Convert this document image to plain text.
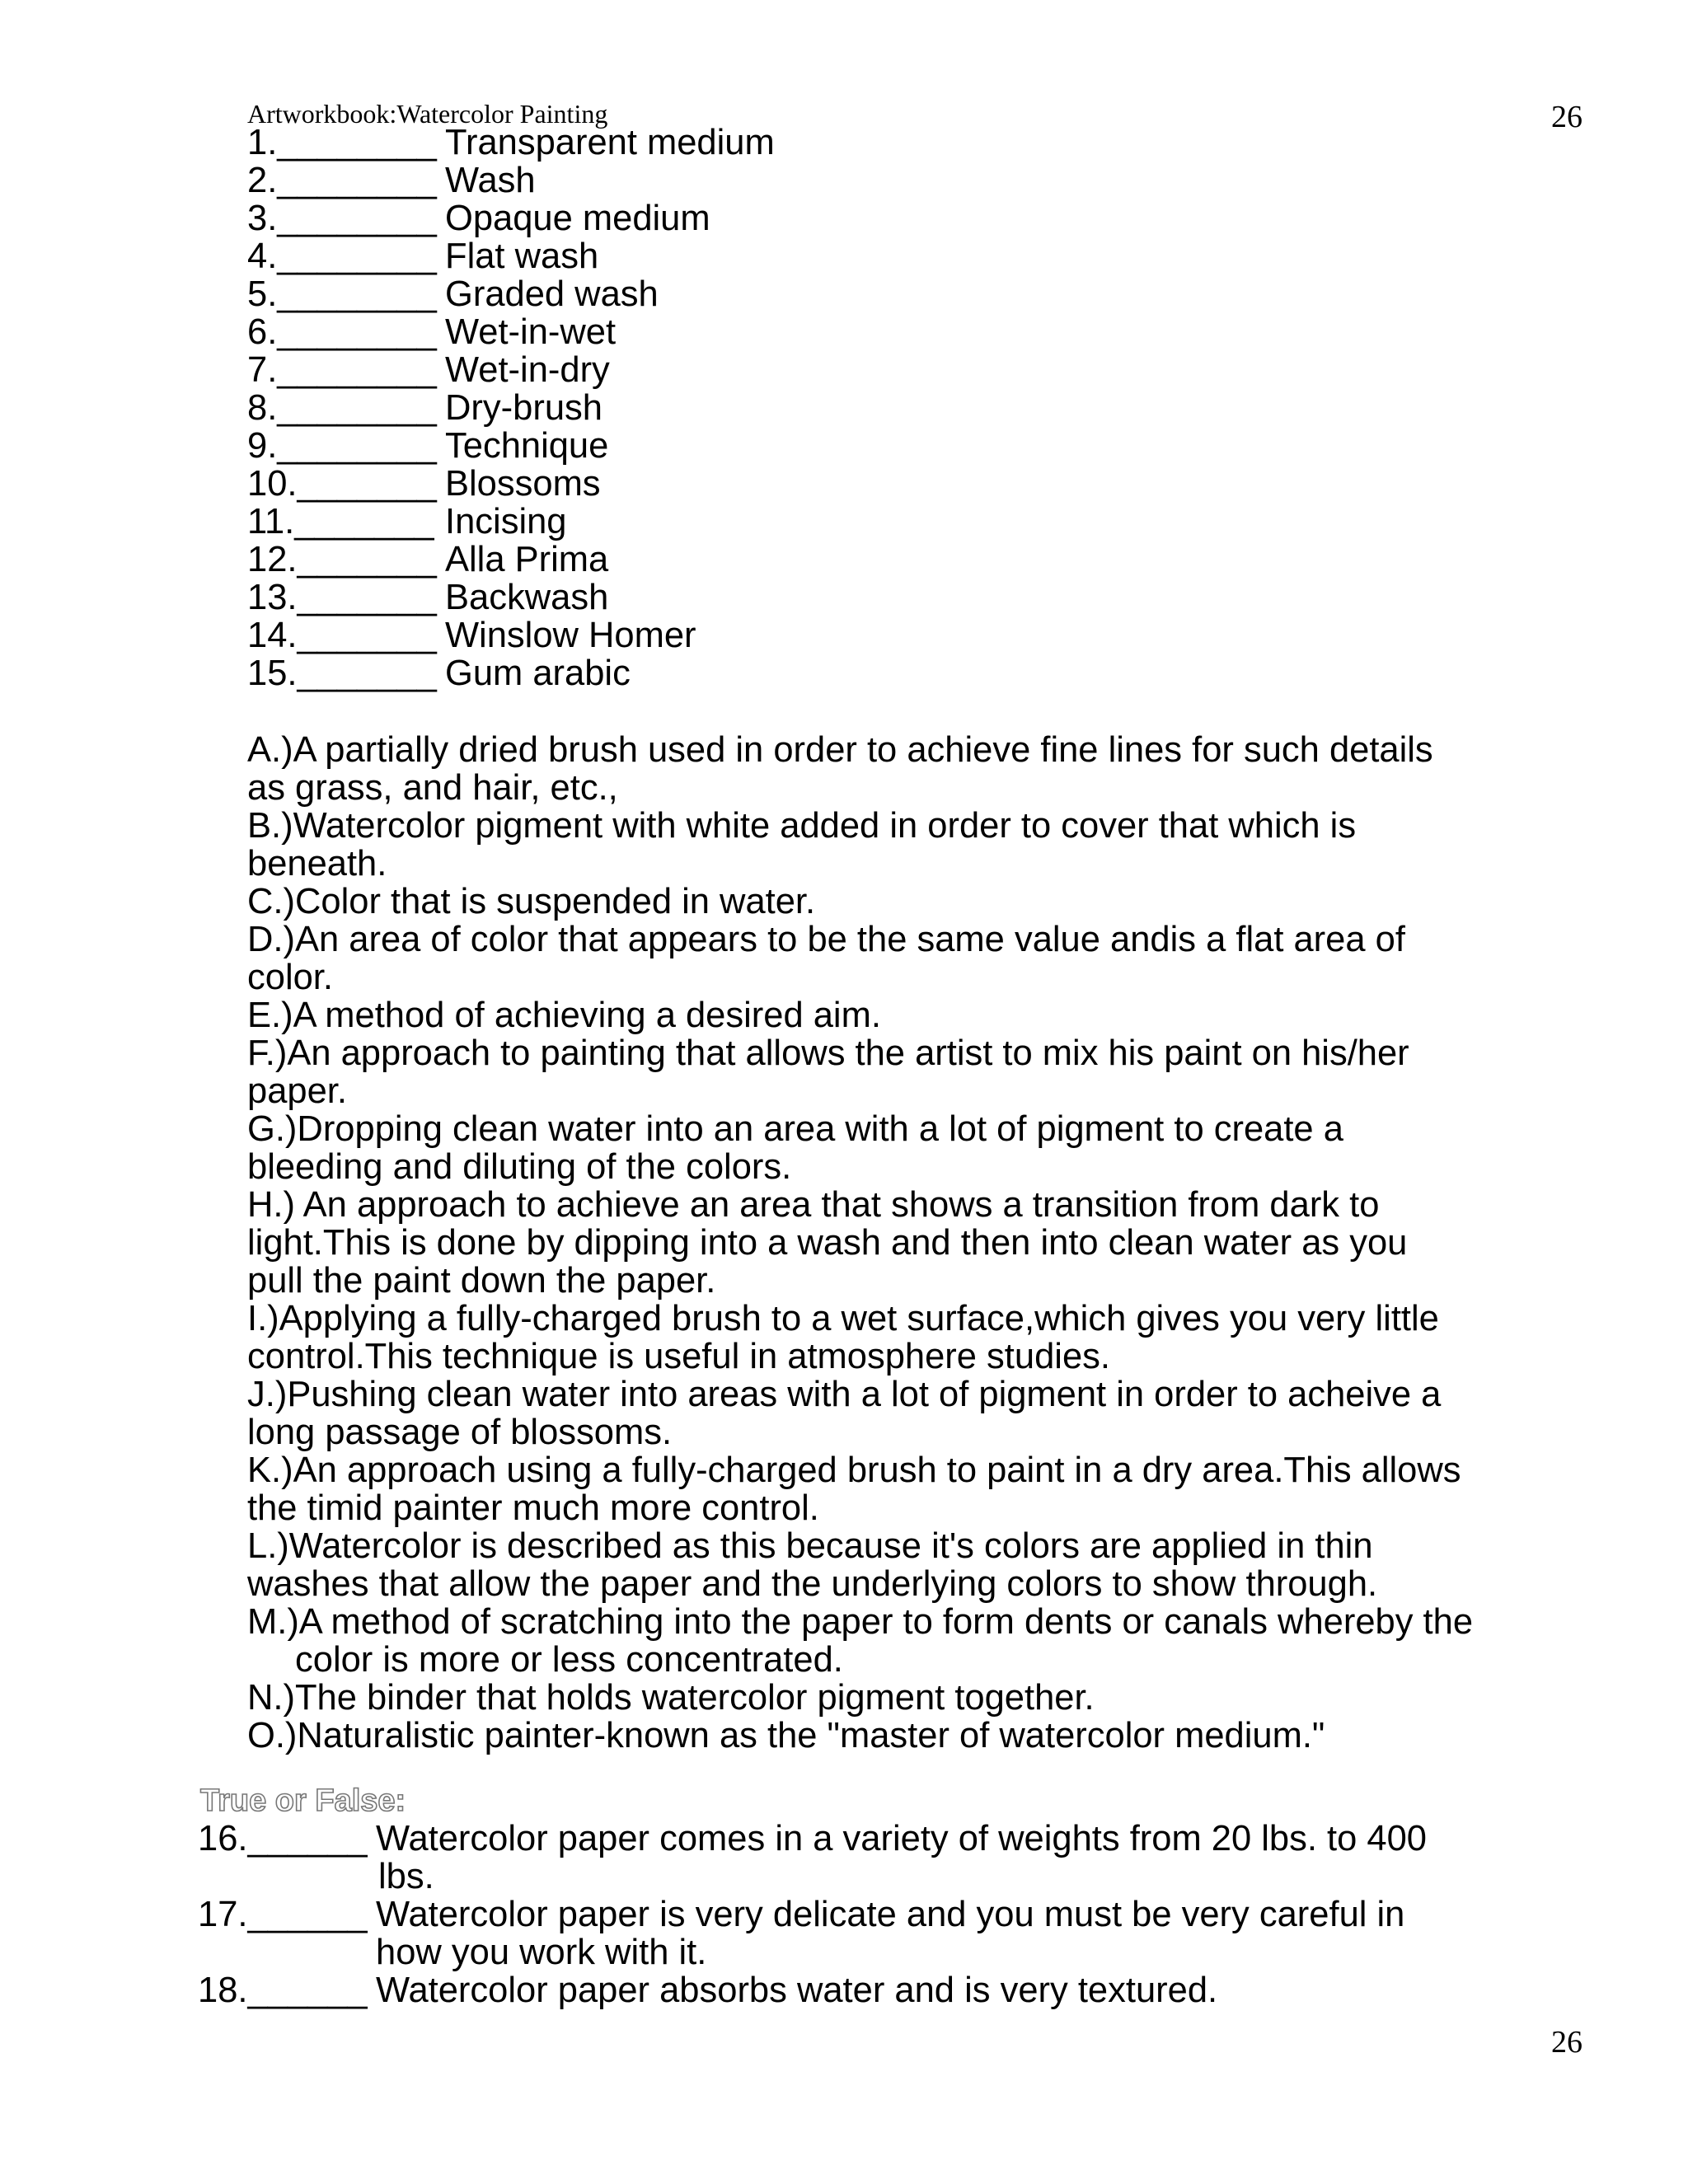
Artworkbook:Watercolor Painting	26
1.________ Transparent medium
2.________ Wash
3.________ Opaque medium
4.________ Flat wash
5.________ Graded wash
6.________ Wet-in-wet
7.________ Wet-in-dry
8.________ Dry-brush
9.________ Technique
10._______ Blossoms
11._______ Incising
12._______ Alla Prima
13._______ Backwash
14._______ Winslow Homer
15._______ Gum arabic
A.)A partially dried brush used in order to achieve fine lines for such details
as grass, and hair, etc.,
B.)Watercolor pigment with white added in order to cover that which is
beneath.
C.)Color that is suspended in water.
D.)An area of color that appears to be the same value andis a flat area of
color.
E.)A method of achieving a desired aim.
F.)An approach to painting that allows the artist to mix his paint on his/her
paper.
G.)Dropping clean water into an area with a lot of pigment to create a
bleeding and diluting of the colors.
H.) An approach to achieve an area that shows a transition from dark to
light.This is done by dipping into a wash and then into clean water as you
pull the paint down the paper.
I.)Applying a fully-charged brush to a wet surface,which gives you very little
control.This technique is useful in atmosphere studies.
J.)Pushing clean water into areas with a lot of pigment in order to acheive a
long passage of blossoms.
K.)An approach using a fully-charged brush to paint in a dry area.This allows
the timid painter much more control.
L.)Watercolor is described as this because it's colors are applied in thin
washes that allow the paper and the underlying colors to show through.
M.)A method of scratching into the paper to form dents or canals whereby the
color is more or less concentrated.
N.)The binder that holds watercolor pigment together.
O.)Naturalistic painter-known as the "master of watercolor medium."
True or False:
16.______ Watercolor paper comes in a variety of weights from 20 lbs. to 400
lbs.
17.______ Watercolor paper is very delicate and you must be very careful in
how you work with it.
18.______ Watercolor paper absorbs water and is very textured.
26
